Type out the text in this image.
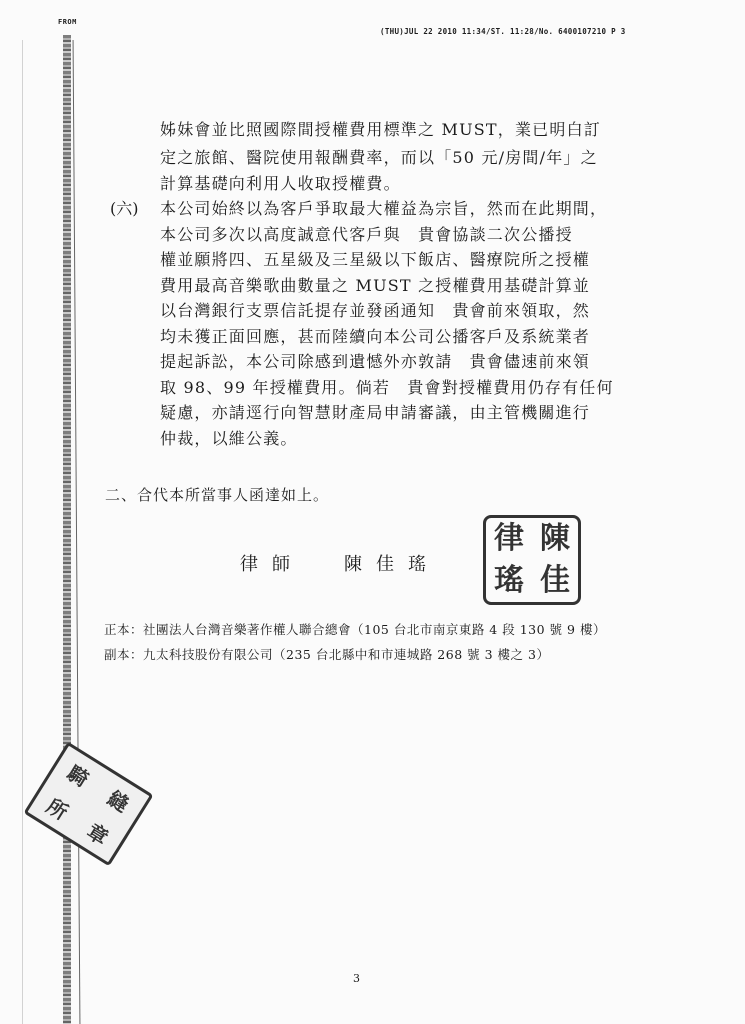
FROM
(THU)JUL 22 2010 11:34/ST. 11:28/No. 6400107210 P 3
姊妹會並比照國際間授權費用標準之 MUST，業已明白訂
定之旅館、醫院使用報酬費率，而以「50 元/房間/年」之
計算基礎向利用人收取授權費。
(六) 本公司始終以為客戶爭取最大權益為宗旨，然而在此期間，
本公司多次以高度誠意代客戶與　貴會協談二次公播授
權並願將四、五星級及三星級以下飯店、醫療院所之授權
費用最高音樂歌曲數量之 MUST 之授權費用基礎計算並
以台灣銀行支票信託提存並發函通知　貴會前來領取，然
均未獲正面回應，甚而陸續向本公司公播客戶及系統業者
提起訴訟，本公司除感到遺憾外亦敦請　貴會儘速前來領
取 98、99 年授權費用。倘若　貴會對授權費用仍存有任何
疑慮，亦請逕行向智慧財產局申請審議，由主管機關進行
仲裁，以維公義。
二、合代本所當事人函達如上。
律師 陳佳瑤
律 陳
瑤 佳
正本：社團法人台灣音樂著作權人聯合總會（105 台北市南京東路 4 段 130 號 9 樓）
副本：九太科技股份有限公司（235 台北縣中和市連城路 268 號 3 樓之 3）
騎
縫
所
章
3
